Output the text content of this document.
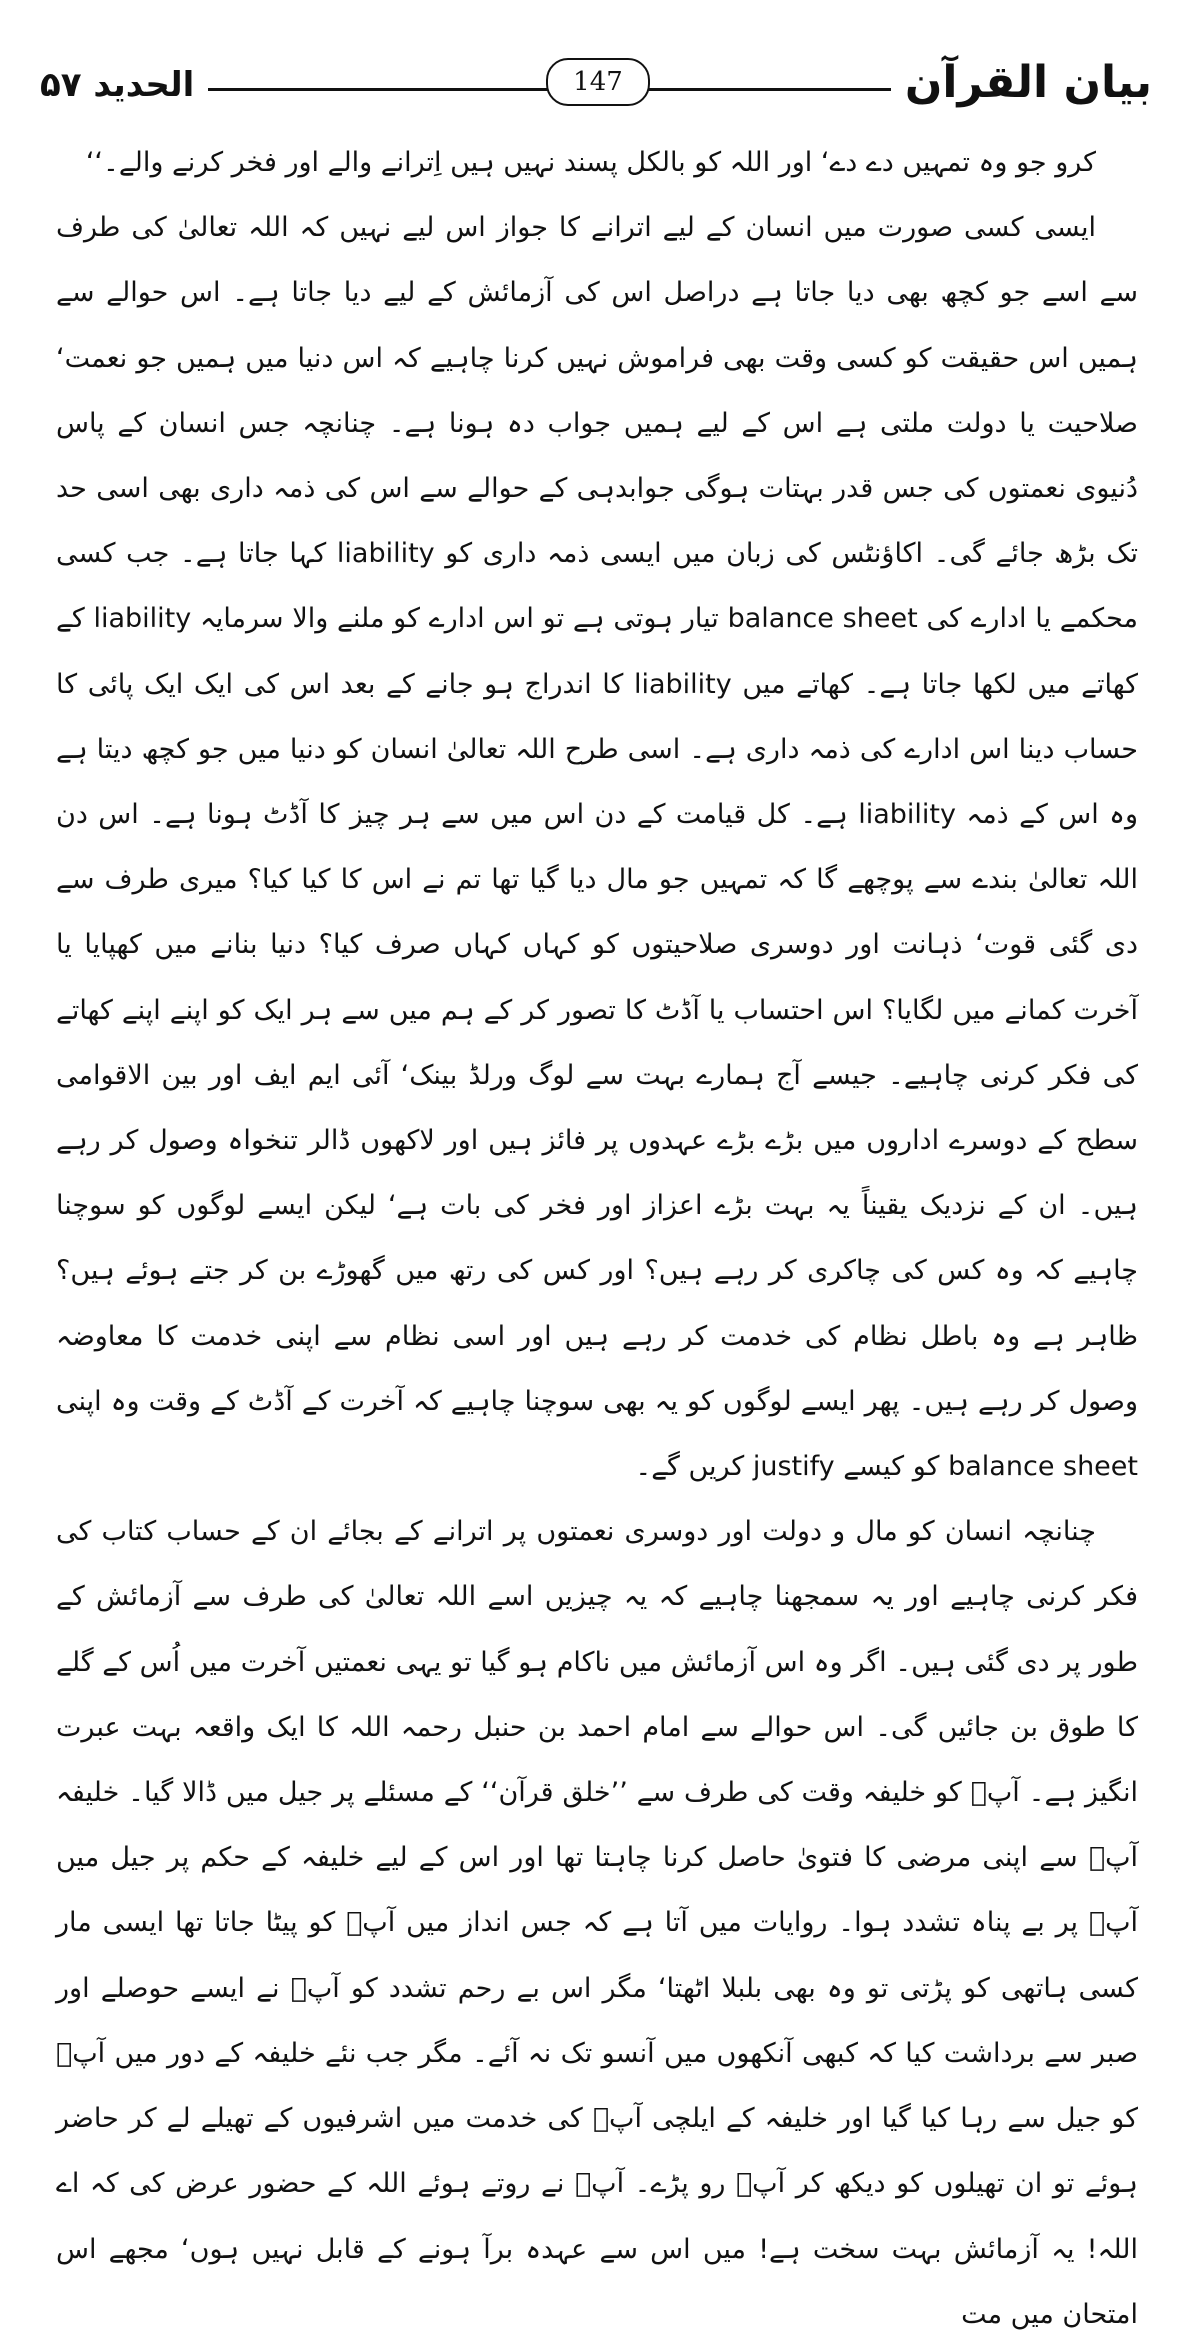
بیان القرآن
147
الحدید ۵۷

کرو جو وہ تمہیں دے دے‘ اور اللہ کو بالکل پسند نہیں ہیں اِترانے والے اور فخر کرنے والے۔‘‘

ایسی کسی صورت میں انسان کے لیے اترانے کا جواز اس لیے نہیں کہ اللہ تعالیٰ کی طرف سے اسے جو کچھ بھی دیا جاتا ہے دراصل اس کی آزمائش کے لیے دیا جاتا ہے۔ اس حوالے سے ہمیں اس حقیقت کو کسی وقت بھی فراموش نہیں کرنا چاہیے کہ اس دنیا میں ہمیں جو نعمت‘ صلاحیت یا دولت ملتی ہے اس کے لیے ہمیں جواب دہ ہونا ہے۔ چنانچہ جس انسان کے پاس دُنیوی نعمتوں کی جس قدر بہتات ہوگی جوابدہی کے حوالے سے اس کی ذمہ داری بھی اسی حد تک بڑھ جائے گی۔ اکاؤنٹس کی زبان میں ایسی ذمہ داری کو liability کہا جاتا ہے۔ جب کسی محکمے یا ادارے کی balance sheet تیار ہوتی ہے تو اس ادارے کو ملنے والا سرمایہ liability کے کھاتے میں لکھا جاتا ہے۔ کھاتے میں liability کا اندراج ہو جانے کے بعد اس کی ایک ایک پائی کا حساب دینا اس ادارے کی ذمہ داری ہے۔ اسی طرح اللہ تعالیٰ انسان کو دنیا میں جو کچھ دیتا ہے وہ اس کے ذمہ liability ہے۔ کل قیامت کے دن اس میں سے ہر چیز کا آڈٹ ہونا ہے۔ اس دن اللہ تعالیٰ بندے سے پوچھے گا کہ تمہیں جو مال دیا گیا تھا تم نے اس کا کیا کیا؟ میری طرف سے دی گئی قوت‘ ذہانت اور دوسری صلاحیتوں کو کہاں کہاں صرف کیا؟ دنیا بنانے میں کھپایا یا آخرت کمانے میں لگایا؟ اس احتساب یا آڈٹ کا تصور کر کے ہم میں سے ہر ایک کو اپنے اپنے کھاتے کی فکر کرنی چاہیے۔ جیسے آج ہمارے بہت سے لوگ ورلڈ بینک‘ آئی ایم ایف اور بین الاقوامی سطح کے دوسرے اداروں میں بڑے بڑے عہدوں پر فائز ہیں اور لاکھوں ڈالر تنخواہ وصول کر رہے ہیں۔ ان کے نزدیک یقیناً یہ بہت بڑے اعزاز اور فخر کی بات ہے‘ لیکن ایسے لوگوں کو سوچنا چاہیے کہ وہ کس کی چاکری کر رہے ہیں؟ اور کس کی رتھ میں گھوڑے بن کر جتے ہوئے ہیں؟ ظاہر ہے وہ باطل نظام کی خدمت کر رہے ہیں اور اسی نظام سے اپنی خدمت کا معاوضہ وصول کر رہے ہیں۔ پھر ایسے لوگوں کو یہ بھی سوچنا چاہیے کہ آخرت کے آڈٹ کے وقت وہ اپنی balance sheet کو کیسے justify کریں گے۔

چنانچہ انسان کو مال و دولت اور دوسری نعمتوں پر اترانے کے بجائے ان کے حساب کتاب کی فکر کرنی چاہیے اور یہ سمجھنا چاہیے کہ یہ چیزیں اسے اللہ تعالیٰ کی طرف سے آزمائش کے طور پر دی گئی ہیں۔ اگر وہ اس آزمائش میں ناکام ہو گیا تو یہی نعمتیں آخرت میں اُس کے گلے کا طوق بن جائیں گی۔ اس حوالے سے امام احمد بن حنبل رحمہ اللہ کا ایک واقعہ بہت عبرت انگیز ہے۔ آپؒ کو خلیفہ وقت کی طرف سے ’’خلق قرآن‘‘ کے مسئلے پر جیل میں ڈالا گیا۔ خلیفہ آپؒ سے اپنی مرضی کا فتویٰ حاصل کرنا چاہتا تھا اور اس کے لیے خلیفہ کے حکم پر جیل میں آپؒ پر بے پناہ تشدد ہوا۔ روایات میں آتا ہے کہ جس انداز میں آپؒ کو پیٹا جاتا تھا ایسی مار کسی ہاتھی کو پڑتی تو وہ بھی بلبلا اٹھتا‘ مگر اس بے رحم تشدد کو آپؒ نے ایسے حوصلے اور صبر سے برداشت کیا کہ کبھی آنکھوں میں آنسو تک نہ آئے۔ مگر جب نئے خلیفہ کے دور میں آپؒ کو جیل سے رہا کیا گیا اور خلیفہ کے ایلچی آپؒ کی خدمت میں اشرفیوں کے تھیلے لے کر حاضر ہوئے تو ان تھیلوں کو دیکھ کر آپؒ رو پڑے۔ آپؒ نے روتے ہوئے اللہ کے حضور عرض کی کہ اے اللہ! یہ آزمائش بہت سخت ہے! میں اس سے عہدہ برآ ہونے کے قابل نہیں ہوں‘ مجھے اس امتحان میں مت
